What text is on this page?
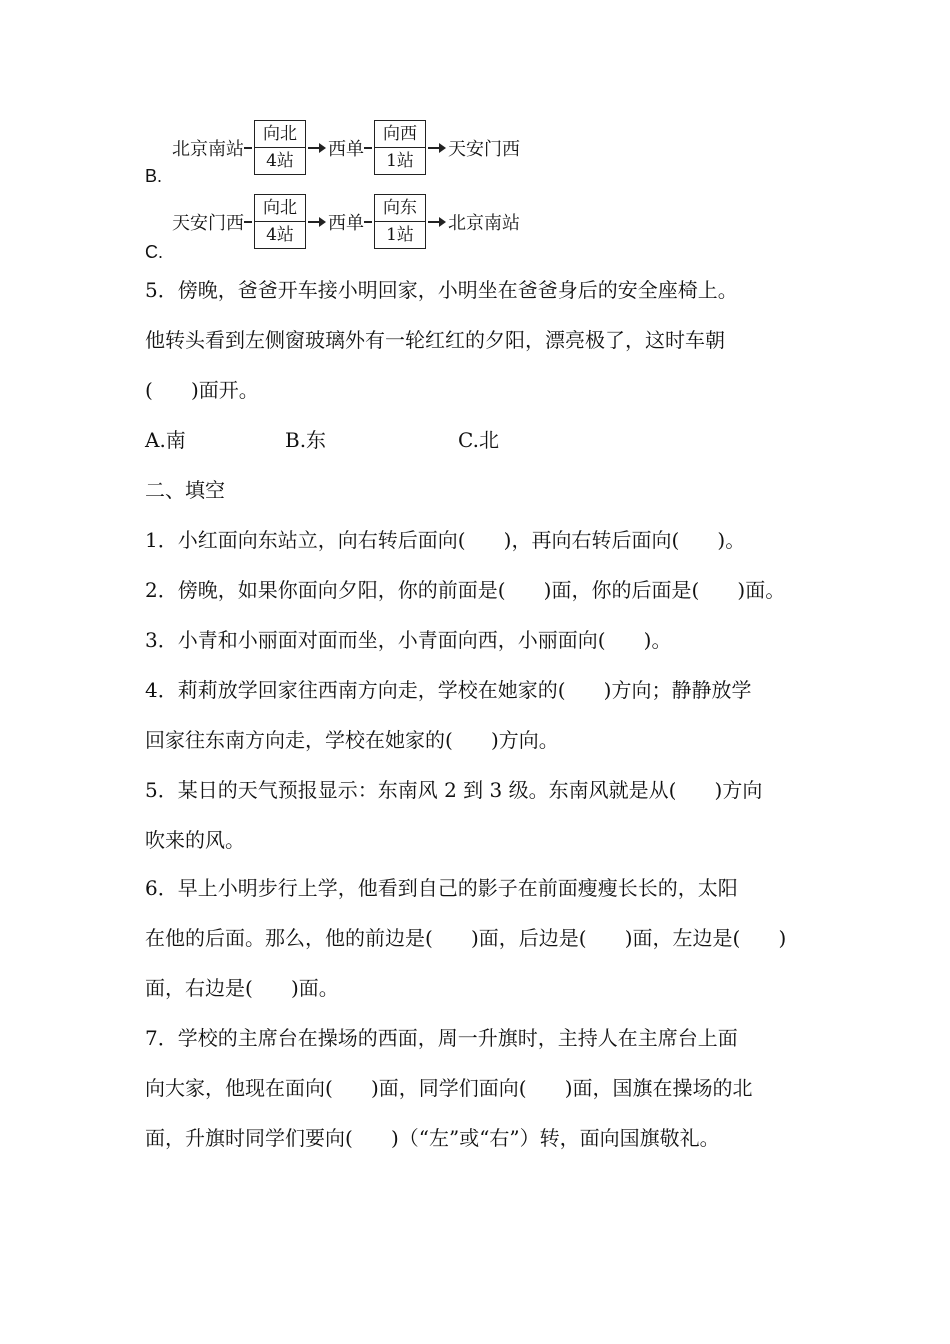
北京南站
向北
4站
西单
向西
1站
天安门西
B.
天安门西
向北
4站
西单
向东
1站
北京南站
C.
5．傍晚，爸爸开车接小明回家，小明坐在爸爸身后的安全座椅上。
他转头看到左侧窗玻璃外有一轮红红的夕阳，漂亮极了，这时车朝
(      )面开。
A.南	B.东	C.北
二、填空
1．小红面向东站立，向右转后面向(      )，再向右转后面向(      )。
2．傍晚，如果你面向夕阳，你的前面是(      )面，你的后面是(      )面。
3．小青和小丽面对面而坐，小青面向西，小丽面向(      )。
4．莉莉放学回家往西南方向走，学校在她家的(      )方向；静静放学
回家往东南方向走，学校在她家的(      )方向。
5．某日的天气预报显示：东南风 2 到 3 级。东南风就是从(      )方向
吹来的风。
6．早上小明步行上学，他看到自己的影子在前面瘦瘦长长的，太阳
在他的后面。那么，他的前边是(      )面，后边是(      )面，左边是(      )
面，右边是(      )面。
7．学校的主席台在操场的西面，周一升旗时，主持人在主席台上面
向大家，他现在面向(      )面，同学们面向(      )面，国旗在操场的北
面，升旗时同学们要向(      )（“左”或“右”）转，面向国旗敬礼。
